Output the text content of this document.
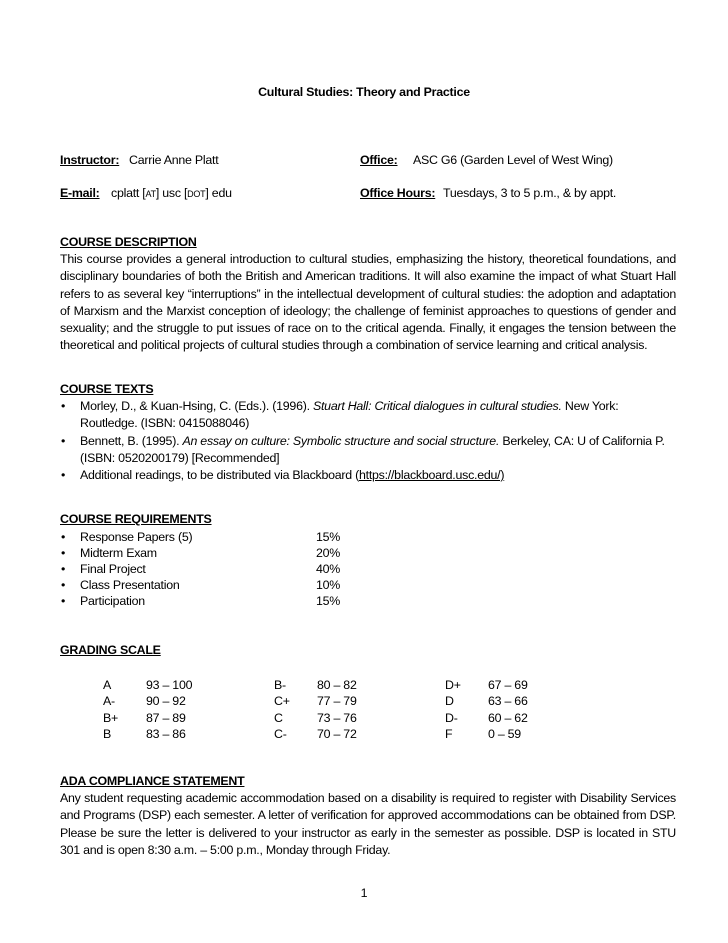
Cultural Studies: Theory and Practice
Instructor: Carrie Anne Platt	Office: ASC G6 (Garden Level of West Wing)
E-mail: cplatt [AT] usc [DOT] edu	Office Hours: Tuesdays, 3 to 5 p.m., & by appt.
COURSE DESCRIPTION
This course provides a general introduction to cultural studies, emphasizing the history, theoretical foundations, and disciplinary boundaries of both the British and American traditions. It will also examine the impact of what Stuart Hall refers to as several key “interruptions” in the intellectual development of cultural studies: the adoption and adaptation of Marxism and the Marxist conception of ideology; the challenge of feminist approaches to questions of gender and sexuality; and the struggle to put issues of race on to the critical agenda. Finally, it engages the tension between the theoretical and political projects of cultural studies through a combination of service learning and critical analysis.
COURSE TEXTS
• Morley, D., & Kuan-Hsing, C. (Eds.). (1996). Stuart Hall: Critical dialogues in cultural studies. New York: Routledge. (ISBN: 0415088046)
• Bennett, B. (1995). An essay on culture: Symbolic structure and social structure. Berkeley, CA: U of California P. (ISBN: 0520200179) [Recommended]
• Additional readings, to be distributed via Blackboard (https://blackboard.usc.edu/)
COURSE REQUIREMENTS
• Response Papers (5)	15%
• Midterm Exam	20%
• Final Project	40%
• Class Presentation	10%
• Participation	15%
GRADING SCALE
A	93 – 100	B-	80 – 82	D+ 67 – 69
A-	90 – 92	C+ 77 – 79	D	63 – 66
B+ 87 – 89	C	73 – 76	D- 60 – 62
B	83 – 86	C- 70 – 72	F	0 – 59
ADA COMPLIANCE STATEMENT
Any student requesting academic accommodation based on a disability is required to register with Disability Services and Programs (DSP) each semester. A letter of verification for approved accommodations can be obtained from DSP. Please be sure the letter is delivered to your instructor as early in the semester as possible. DSP is located in STU 301 and is open 8:30 a.m. – 5:00 p.m., Monday through Friday.
1
